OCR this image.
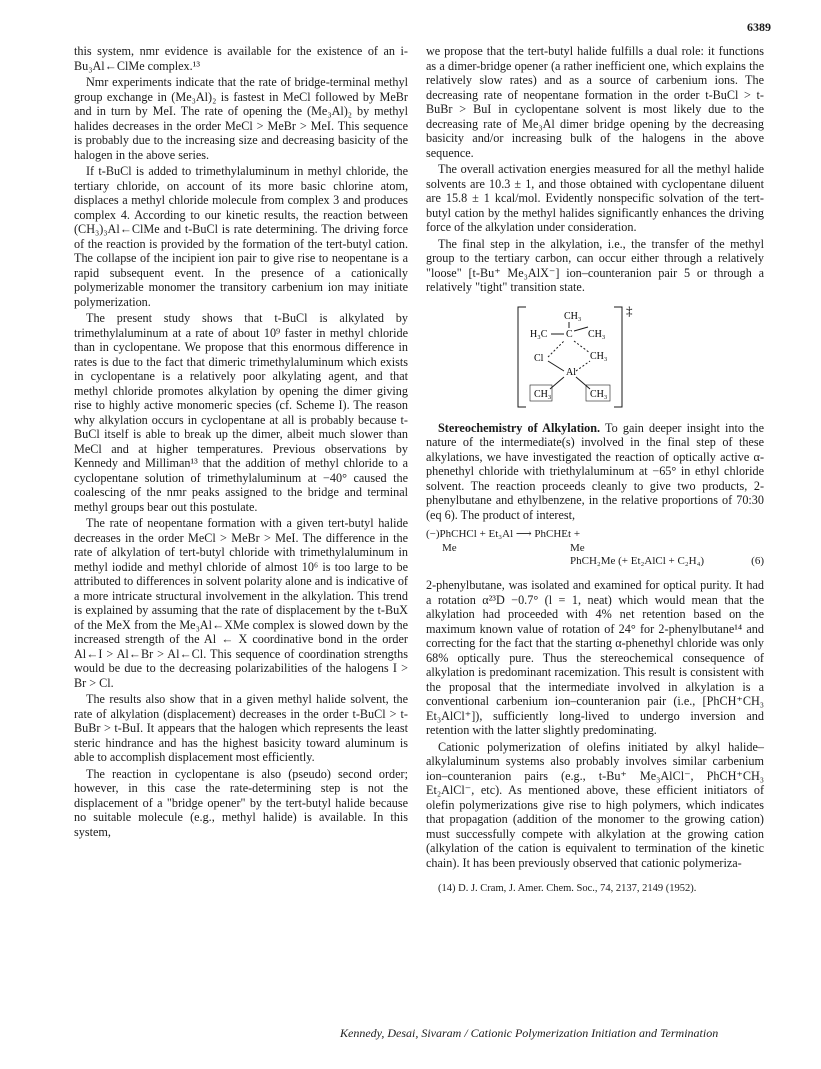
6389

this system, nmr evidence is available for the existence of an i-Bu₃Al←ClMe complex.¹³

Nmr experiments indicate that the rate of bridge-terminal methyl group exchange in (Me₃Al)₂ is fastest in MeCl followed by MeBr and in turn by MeI. The rate of opening the (Me₃Al)₂ by methyl halides decreases in the order MeCl > MeBr > MeI. This sequence is probably due to the increasing size and decreasing basicity of the halogen in the above series.

If t-BuCl is added to trimethylaluminum in methyl chloride, the tertiary chloride, on account of its more basic chlorine atom, displaces a methyl chloride molecule from complex 3 and produces complex 4. According to our kinetic results, the reaction between (CH₃)₃Al←ClMe and t-BuCl is rate determining. The driving force of the reaction is provided by the formation of the tert-butyl cation. The collapse of the incipient ion pair to give rise to neopentane is a rapid subsequent event. In the presence of a cationically polymerizable monomer the transitory carbenium ion may initiate polymerization.

The present study shows that t-BuCl is alkylated by trimethylaluminum at a rate of about 10⁹ faster in methyl chloride than in cyclopentane. We propose that this enormous difference in rates is due to the fact that dimeric trimethylaluminum which exists in cyclopentane is a relatively poor alkylating agent, and that methyl chloride promotes alkylation by opening the dimer giving rise to highly active monomeric species (cf. Scheme I). The reason why alkylation occurs in cyclopentane at all is probably because t-BuCl itself is able to break up the dimer, albeit much slower than MeCl and at higher temperatures. Previous observations by Kennedy and Milliman¹³ that the addition of methyl chloride to a cyclopentane solution of trimethylaluminum at −40° caused the coalescing of the nmr peaks assigned to the bridge and terminal methyl groups bear out this postulate.

The rate of neopentane formation with a given tert-butyl halide decreases in the order MeCl > MeBr > MeI. The difference in the rate of alkylation of tert-butyl chloride with trimethylaluminum in methyl iodide and methyl chloride of almost 10⁶ is too large to be attributed to differences in solvent polarity alone and is indicative of a more intricate structural involvement in the alkylation. This trend is explained by assuming that the rate of displacement by the t-BuX of the MeX from the Me₃Al←XMe complex is slowed down by the increased strength of the Al ← X coordinative bond in the order Al←I > Al←Br > Al←Cl. This sequence of coordination strengths would be due to the decreasing polarizabilities of the halogens I > Br > Cl.

The results also show that in a given methyl halide solvent, the rate of alkylation (displacement) decreases in the order t-BuCl > t-BuBr > t-BuI. It appears that the halogen which represents the least steric hindrance and has the highest basicity toward aluminum is able to accomplish displacement most efficiently.

The reaction in cyclopentane is also (pseudo) second order; however, in this case the rate-determining step is not the displacement of a "bridge opener" by the tert-butyl halide because no suitable molecule (e.g., methyl halide) is available. In this system,

we propose that the tert-butyl halide fulfills a dual role: it functions as a dimer-bridge opener (a rather inefficient one, which explains the relatively slow rates) and as a source of carbenium ions. The decreasing rate of neopentane formation in the order t-BuCl > t-BuBr > BuI in cyclopentane solvent is most likely due to the decreasing rate of Me₃Al dimer bridge opening by the decreasing basicity and/or increasing bulk of the halogens in the above sequence.

The overall activation energies measured for all the methyl halide solvents are 10.3 ± 1, and those obtained with cyclopentane diluent are 15.8 ± 1 kcal/mol. Evidently nonspecific solvation of the tert-butyl cation by the methyl halides significantly enhances the driving force of the alkylation under consideration.

The final step in the alkylation, i.e., the transfer of the methyl group to the tertiary carbon, can occur either through a relatively "loose" [t-Bu⁺ Me₃AlX⁻] ion–counteranion pair 5 or through a relatively "tight" transition state.

‡
CH₃
H₃C C CH₃
Cl	CH₃
Al
CH₃	CH₃

Stereochemistry of Alkylation. To gain deeper insight into the nature of the intermediate(s) involved in the final step of these alkylations, we have investigated the reaction of optically active α-phenethyl chloride with triethylaluminum at −65° in ethyl chloride solvent. The reaction proceeds cleanly to give two products, 2-phenylbutane and ethylbenzene, in the relative proportions of 70:30 (eq 6). The product of interest,

(−)PhCHCl + Et₃Al ⟶ PhCHEt +
Me	Me
PhCH₂Me (+ Et₂AlCl + C₂H₄)	(6)

2-phenylbutane, was isolated and examined for optical purity. It had a rotation α²³D −0.7° (l = 1, neat) which would mean that the alkylation had proceeded with 4% net retention based on the maximum known value of rotation of 24° for 2-phenylbutane¹⁴ and correcting for the fact that the starting α-phenethyl chloride was only 68% optically pure. Thus the stereochemical consequence of alkylation is predominant racemization. This result is consistent with the proposal that the intermediate involved in alkylation is a conventional carbenium ion–counteranion pair (i.e., [PhCH⁺CH₃ Et₃AlCl⁺]), sufficiently long-lived to undergo inversion and retention with the latter slightly predominating.

Cationic polymerization of olefins initiated by alkyl halide–alkylaluminum systems also probably involves similar carbenium ion–counteranion pairs (e.g., t-Bu⁺ Me₃AlCl⁻, PhCH⁺CH₃ Et₂AlCl⁻, etc). As mentioned above, these efficient initiators of olefin polymerizations give rise to high polymers, which indicates that propagation (addition of the monomer to the growing cation) must successfully compete with alkylation at the growing cation (alkylation of the cation is equivalent to termination of the kinetic chain). It has been previously observed that cationic polymeriza-

(14) D. J. Cram, J. Amer. Chem. Soc., 74, 2137, 2149 (1952).

Kennedy, Desai, Sivaram / Cationic Polymerization Initiation and Termination
